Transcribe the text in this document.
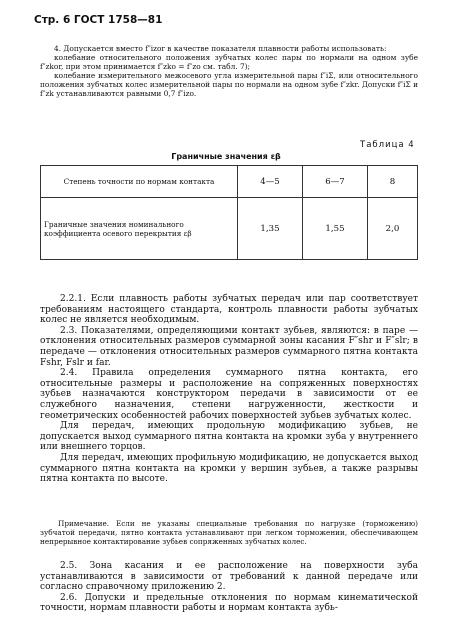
Стр. 6 ГОСТ 1758—81

4. Допускается вместо f″izor в качестве показателя плавности работы использовать:

колебание относительного положения зубчатых колес пары по нормали на одном зубе f″zkor, при этом принимается f″zko = f″zo см. табл. 7);

колебание измерительного межосевого угла измерительной пары f″iΣ, или относительного положения зубчатых колес измерительной пары по нормали на одном зубе f″zkr. Допуски f″iΣ и f″zk устанавливаются равными 0,7 f″izo.

Таблица 4
Граничные значения εβ
Степень точности по нормам контакта	4—5	6—7	8
Граничные значения номинального коэффициента осевого перекрытия εβ	1,35	1,55	2,0

2.2.1. Если плавность работы зубчатых передач или пар соответствует требованиям настоящего стандарта, контроль плавности работы зубчатых колес не является необходимым.

2.3. Показателями, определяющими контакт зубьев, являются: в паре — отклонения относительных размеров суммарной зоны касания F″shr и F″slr; в передаче — отклонения относительных размеров суммарного пятна контакта Fshr, Fslr и far.

2.4. Правила определения суммарного пятна контакта, его относительные размеры и расположение на сопряженных поверхностях зубьев назначаются конструктором передачи в зависимости от ее служебного назначения, степени нагруженности, жесткости и геометрических особенностей рабочих поверхностей зубьев зубчатых колес.

Для передач, имеющих продольную модификацию зубьев, не допускается выход суммарного пятна контакта на кромки зуба у внутреннего или внешнего торцов.

Для передач, имеющих профильную модификацию, не допускается выход суммарного пятна контакта на кромки у вершин зубьев, а также разрывы пятна контакта по высоте.

Примечание. Если не указаны специальные требования по нагрузке (торможению) зубчатой передачи, пятно контакта устанавливают при легком торможении, обеспечивающем непрерывное контактирование зубьев сопряженных зубчатых колес.

2.5. Зона касания и ее расположение на поверхности зуба устанавливаются в зависимости от требований к данной передаче или согласно справочному приложению 2.

2.6. Допуски и предельные отклонения по нормам кинематической точности, нормам плавности работы и нормам контакта зубь-
